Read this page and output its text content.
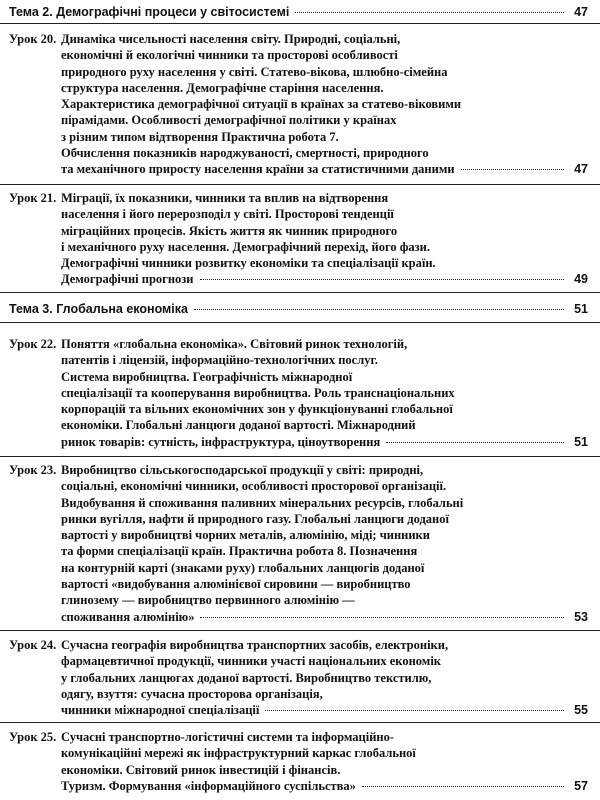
Тема 2. Демографічні процеси у світосистемі	47
Урок 20. Динаміка чисельності населення світу. Природні, соціальні,
економічні й екологічні чинники та просторові особливості
природного руху населення у світі. Статево-вікова, шлюбно-сімейна
структура населення. Демографічне старіння населення.
Характеристика демографічної ситуації в країнах за статево-віковими
пірамідами. Особливості демографічної політики у країнах
з різним типом відтворення Практична робота 7.
Обчислення показників народжуваності, смертності, природного
та механічного приросту населення країни за статистичними даними	47
Урок 21. Міграції, їх показники, чинники та вплив на відтворення
населення і його перерозподіл у світі. Просторові тенденції
міграційних процесів. Якість життя як чинник природного
і механічного руху населення. Демографічний перехід, його фази.
Демографічні чинники розвитку економіки та спеціалізації країн.
Демографічні прогнози	49
Тема 3. Глобальна економіка	51
Урок 22. Поняття «глобальна економіка». Світовий ринок технологій,
патентів і ліцензій, інформаційно-технологічних послуг.
Система виробництва. Географічність міжнародної
спеціалізації та кооперування виробництва. Роль транснаціональних
корпорацій та вільних економічних зон у функціонуванні глобальної
економіки. Глобальні ланцюги доданої вартості. Міжнародний
ринок товарів: сутність, інфраструктура, ціноутворення	51
Урок 23. Виробництво сільськогосподарської продукції у світі: природні,
соціальні, економічні чинники, особливості просторової організації.
Видобування й споживання паливних мінеральних ресурсів, глобальні
ринки вугілля, нафти й природного газу. Глобальні ланцюги доданої
вартості у виробництві чорних металів, алюмінію, міді; чинники
та форми спеціалізації країн. Практична робота 8. Позначення
на контурній карті (знаками руху) глобальних ланцюгів доданої
вартості «видобування алюмінієвої сировини — виробництво
глинозему — виробництво первинного алюмінію —
споживання алюмінію»	53
Урок 24. Сучасна географія виробництва транспортних засобів, електроніки,
фармацевтичної продукції, чинники участі національних економік
у глобальних ланцюгах доданої вартості. Виробництво текстилю,
одягу, взуття: сучасна просторова організація,
чинники міжнародної спеціалізації	55
Урок 25. Сучасні транспортно-логістичні системи та інформаційно-
комунікаційні мережі як інфраструктурний каркас глобальної
економіки. Світовий ринок інвестицій і фінансів.
Туризм. Формування «інформаційного суспільства»	57
